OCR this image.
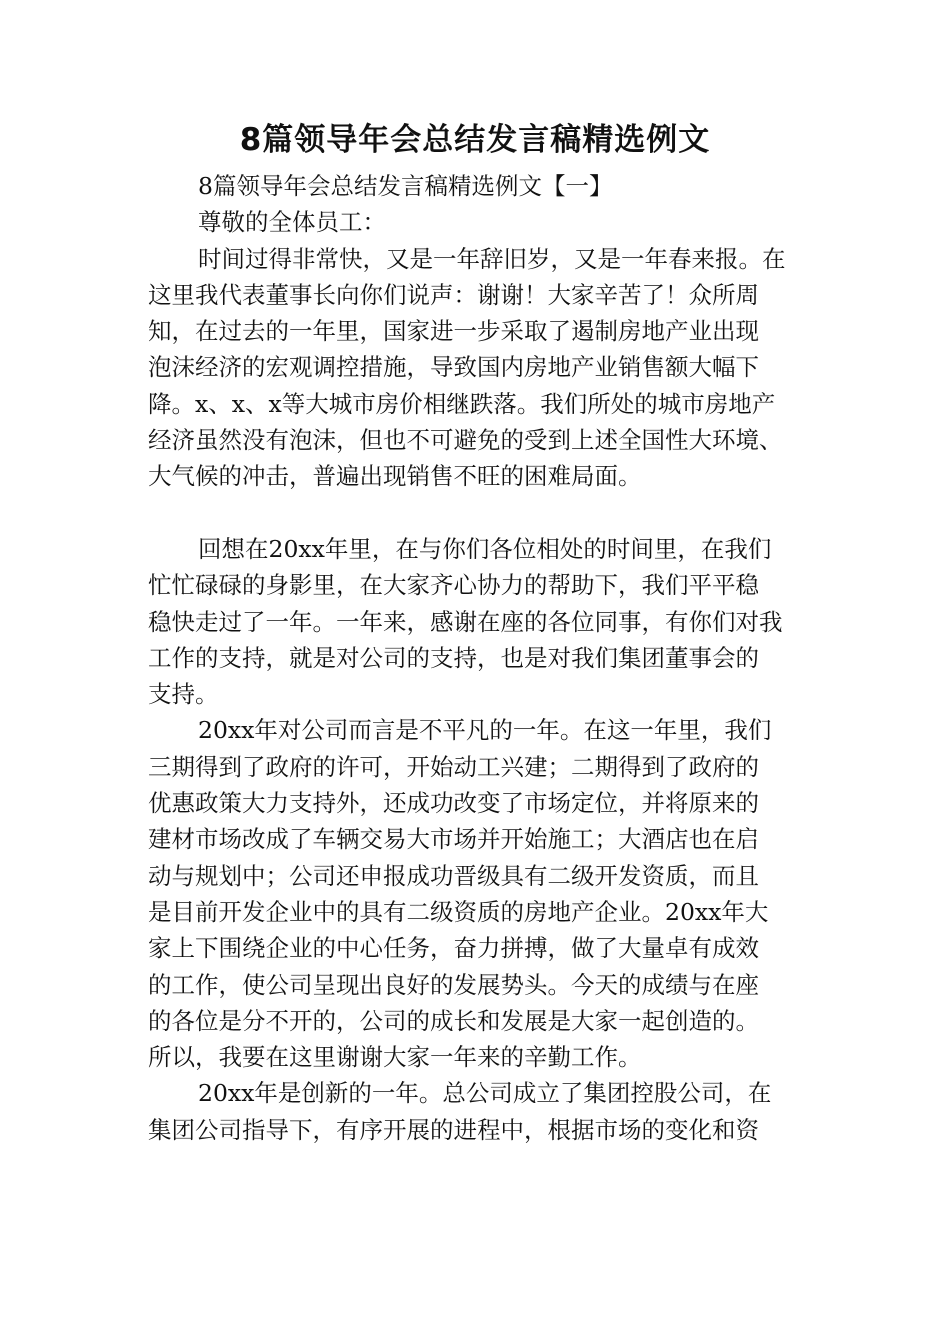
8篇领导年会总结发言稿精选例文
8篇领导年会总结发言稿精选例文【一】
尊敬的全体员工：
时间过得非常快，又是一年辞旧岁，又是一年春来报。在
这里我代表董事长向你们说声：谢谢！大家辛苦了！众所周
知，在过去的一年里，国家进一步采取了遏制房地产业出现
泡沫经济的宏观调控措施，导致国内房地产业销售额大幅下
降。x、x、x等大城市房价相继跌落。我们所处的城市房地产
经济虽然没有泡沫，但也不可避免的受到上述全国性大环境、
大气候的冲击，普遍出现销售不旺的困难局面。
回想在20xx年里，在与你们各位相处的时间里，在我们
忙忙碌碌的身影里，在大家齐心协力的帮助下，我们平平稳
稳快走过了一年。一年来，感谢在座的各位同事，有你们对我
工作的支持，就是对公司的支持，也是对我们集团董事会的
支持。
20xx年对公司而言是不平凡的一年。在这一年里，我们
三期得到了政府的许可，开始动工兴建；二期得到了政府的
优惠政策大力支持外，还成功改变了市场定位，并将原来的
建材市场改成了车辆交易大市场并开始施工；大酒店也在启
动与规划中；公司还申报成功晋级具有二级开发资质，而且
是目前开发企业中的具有二级资质的房地产企业。20xx年大
家上下围绕企业的中心任务，奋力拼搏，做了大量卓有成效
的工作，使公司呈现出良好的发展势头。今天的成绩与在座
的各位是分不开的，公司的成长和发展是大家一起创造的。
所以，我要在这里谢谢大家一年来的辛勤工作。
20xx年是创新的一年。总公司成立了集团控股公司，在
集团公司指导下，有序开展的进程中，根据市场的变化和资
